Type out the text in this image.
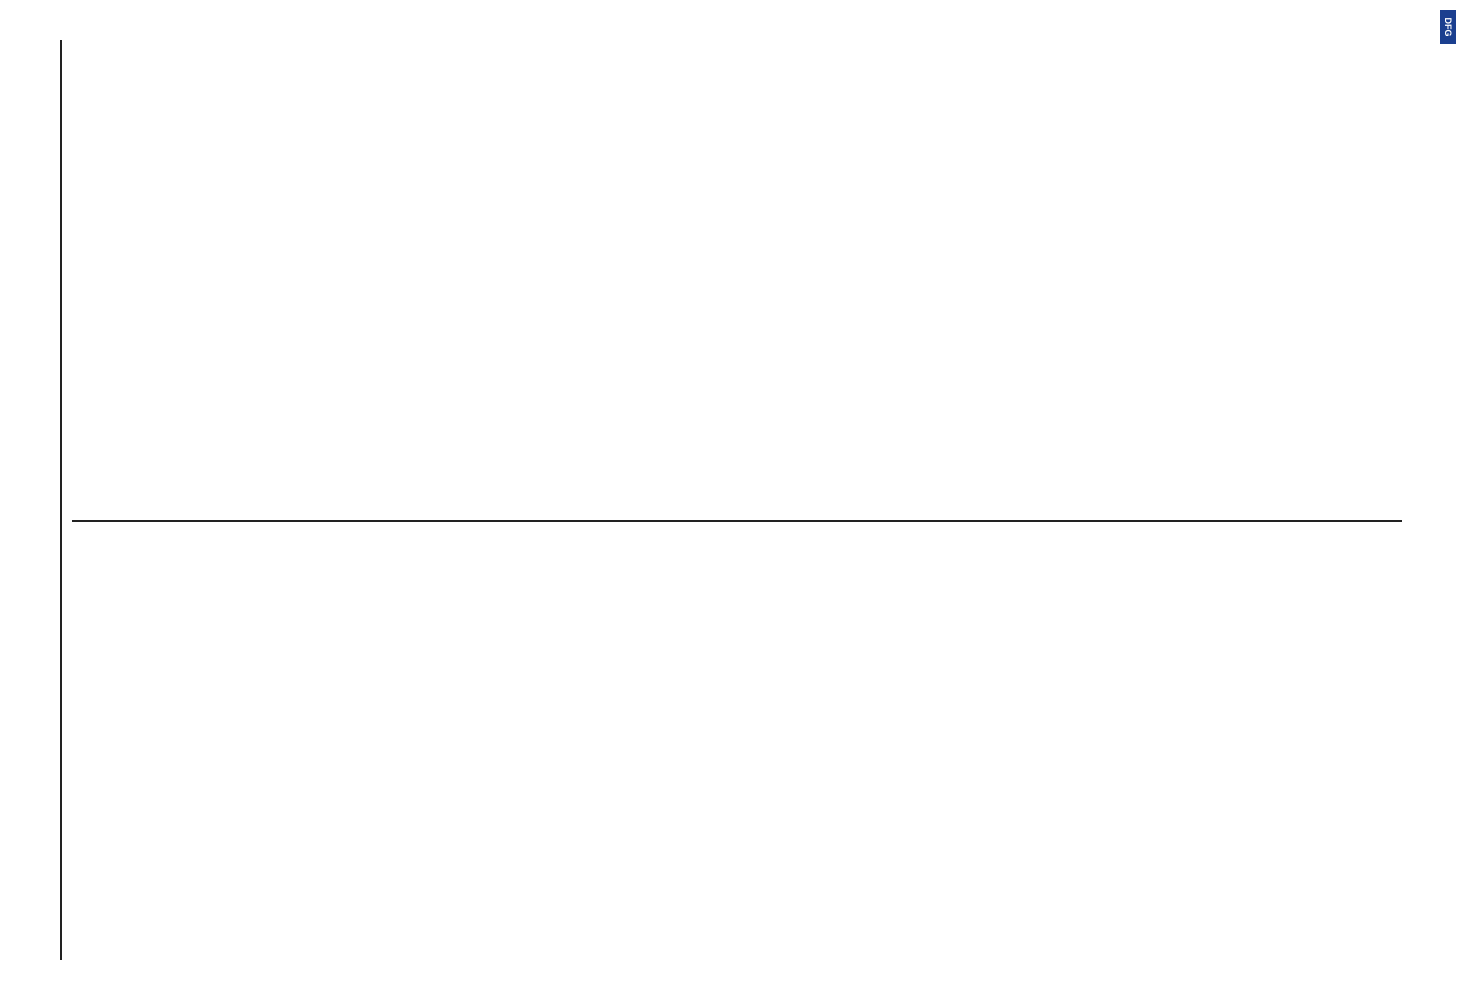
DFG
